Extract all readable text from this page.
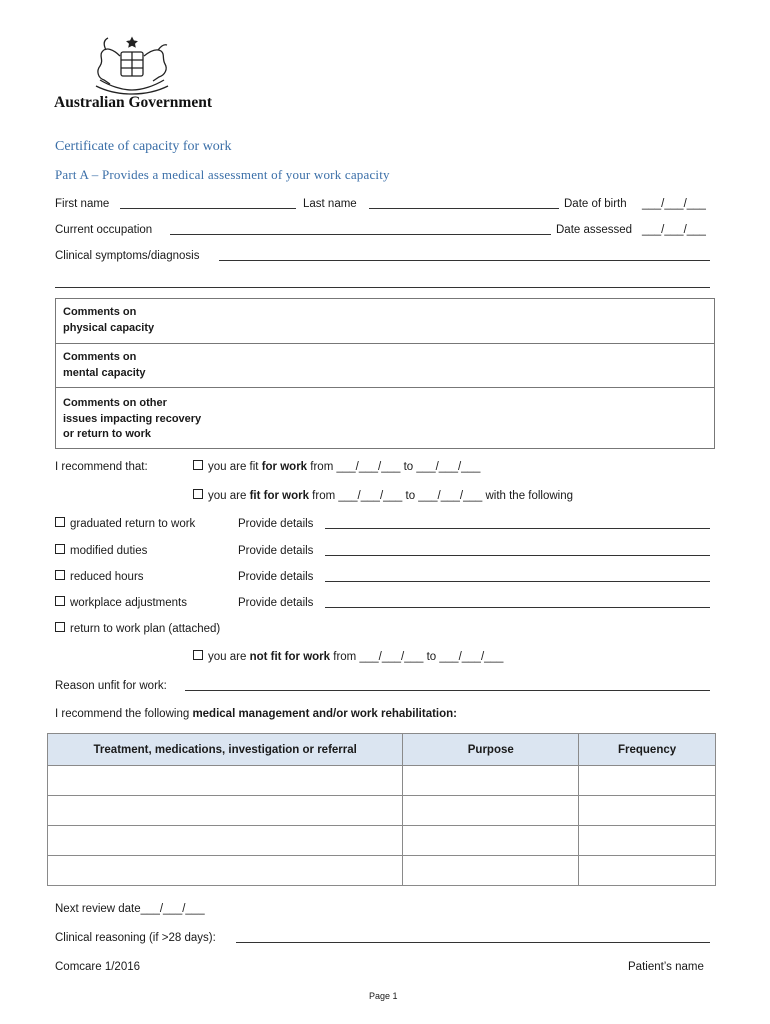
Australian Government
Certificate of capacity for work
Part A – Provides a medical assessment of your work capacity
First name	Last name	Date of birth ___/___/___
Current occupation	Date assessed ___/___/___
Clinical symptoms/diagnosis
Comments on
physical capacity
Comments on
mental capacity
Comments on other
issues impacting recovery
or return to work
I recommend that:	you are fit for work from ___/___/___ to ___/___/___
you are fit for work from ___/___/___ to ___/___/___ with the following
graduated return to work	Provide details
modified duties	Provide details
reduced hours	Provide details
workplace adjustments	Provide details
return to work plan (attached)
you are not fit for work from ___/___/___ to ___/___/___
Reason unfit for work:
I recommend the following medical management and/or work rehabilitation:
Treatment, medications, investigation or referral	Purpose	Frequency

Next review date___/___/___
Clinical reasoning (if >28 days):
Comcare 1/2016	Patient’s name
Page 1
